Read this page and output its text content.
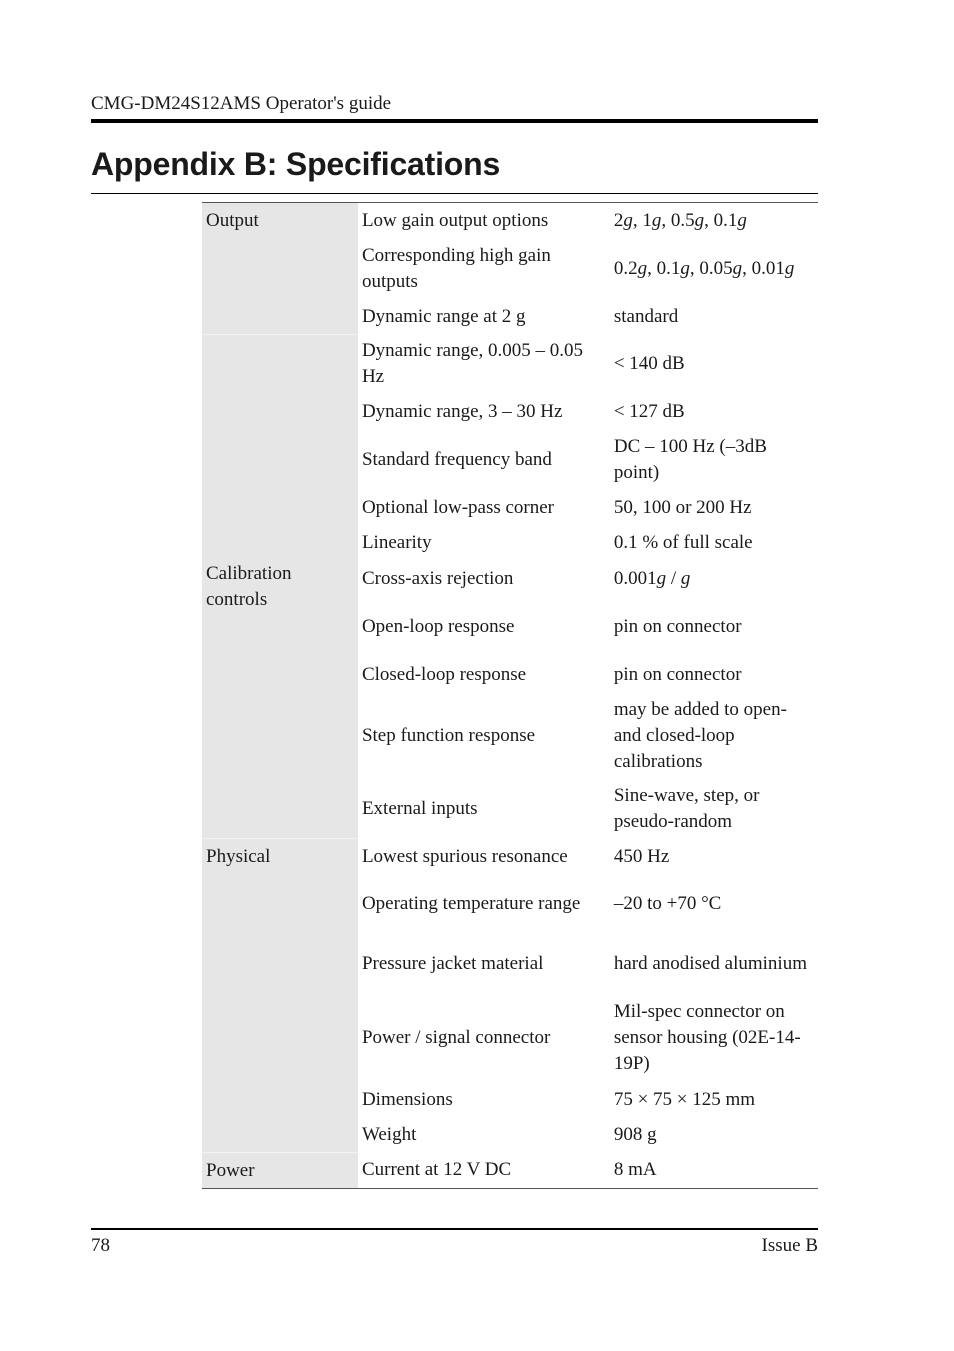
CMG-DM24S12AMS Operator's guide
Appendix B: Specifications
Output	Low gain output options	2g, 1g, 0.5g, 0.1g
	Corresponding high gain outputs	0.2g, 0.1g, 0.05g, 0.01g
	Dynamic range at 2 g	standard
Calibration controls	Dynamic range, 0.005 – 0.05 Hz	< 140 dB
	Dynamic range, 3 – 30 Hz	< 127 dB
	Standard frequency band	DC – 100 Hz (–3dB point)
	Optional low-pass corner	50, 100 or 200 Hz
	Linearity	0.1 % of full scale
	Cross-axis rejection	0.001g / g
	Open-loop response	pin on connector
	Closed-loop response	pin on connector
	Step function response	may be added to open- and closed-loop calibrations
	External inputs	Sine-wave, step, or pseudo-random
Physical	Lowest spurious resonance	450 Hz
	Operating temperature range	–20 to +70 °C
	Pressure jacket material	hard anodised aluminium
	Power / signal connector	Mil-spec connector on sensor housing (02E-14-19P)
	Dimensions	75 × 75 × 125 mm
	Weight	908 g
Power	Current at 12 V DC	8 mA
78	Issue B
